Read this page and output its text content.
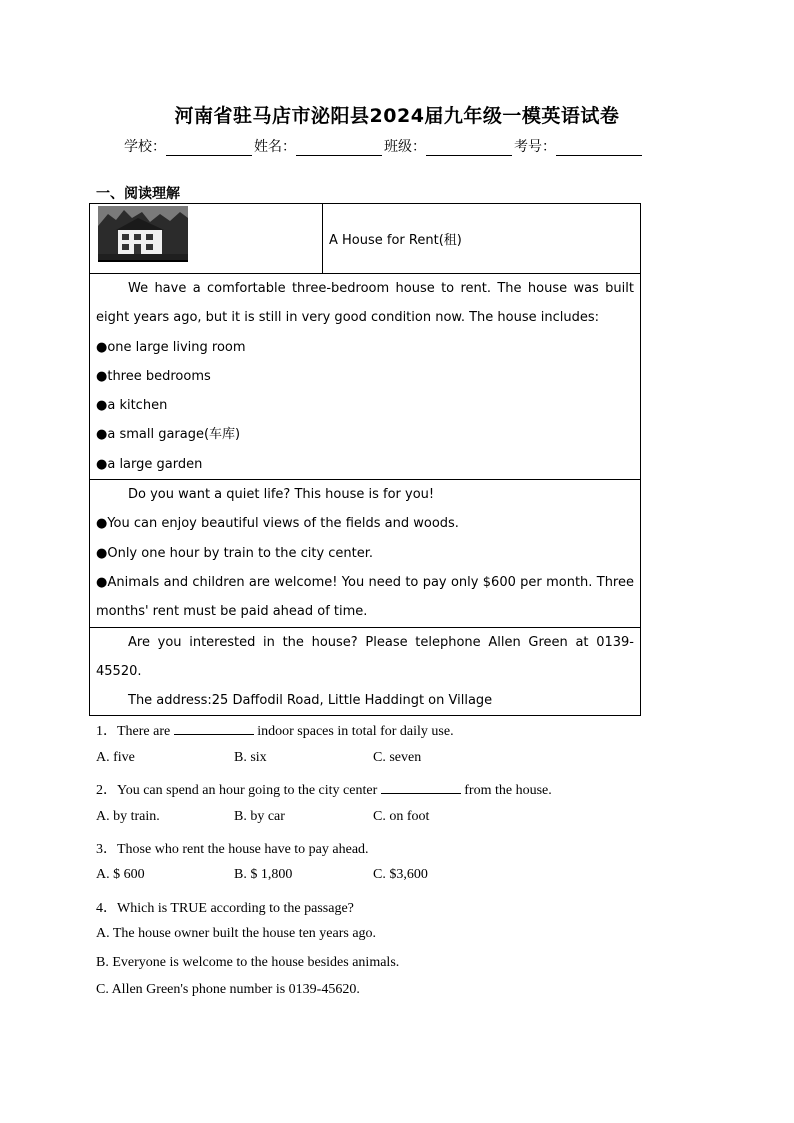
河南省驻马店市泌阳县2024届九年级一模英语试卷
学校：	姓名：	班级：	考号：
一、阅读理解
	A House for Rent(租)

We have a comfortable three-bedroom house to rent. The house was built
eight years ago, but it is still in very good condition now. The house includes:
●one large living room
●three bedrooms
●a kitchen
●a small garage(车库)
●a large garden

Do you want a quiet life? This house is for you!
●You can enjoy beautiful views of the fields and woods.
●Only one hour by train to the city center.
●Animals and children are welcome! You need to pay only $600 per month. Three
months' rent must be paid ahead of time.

Are you interested in the house? Please telephone Allen Green at 0139-
45520.
The address:25 Daffodil Road, Little Haddingt on Village
1．There are	indoor spaces in total for daily use.
A. five	B. six	C. seven
2．You can spend an hour going to the city center	from the house.
A. by train.	B. by car	C. on foot
3．Those who rent the house have to pay ahead.
A. $ 600	B. $ 1,800	C. $3,600
4．Which is TRUE according to the passage?
A. The house owner built the house ten years ago.
B. Everyone is welcome to the house besides animals.
C. Allen Green's phone number is 0139-45620.
